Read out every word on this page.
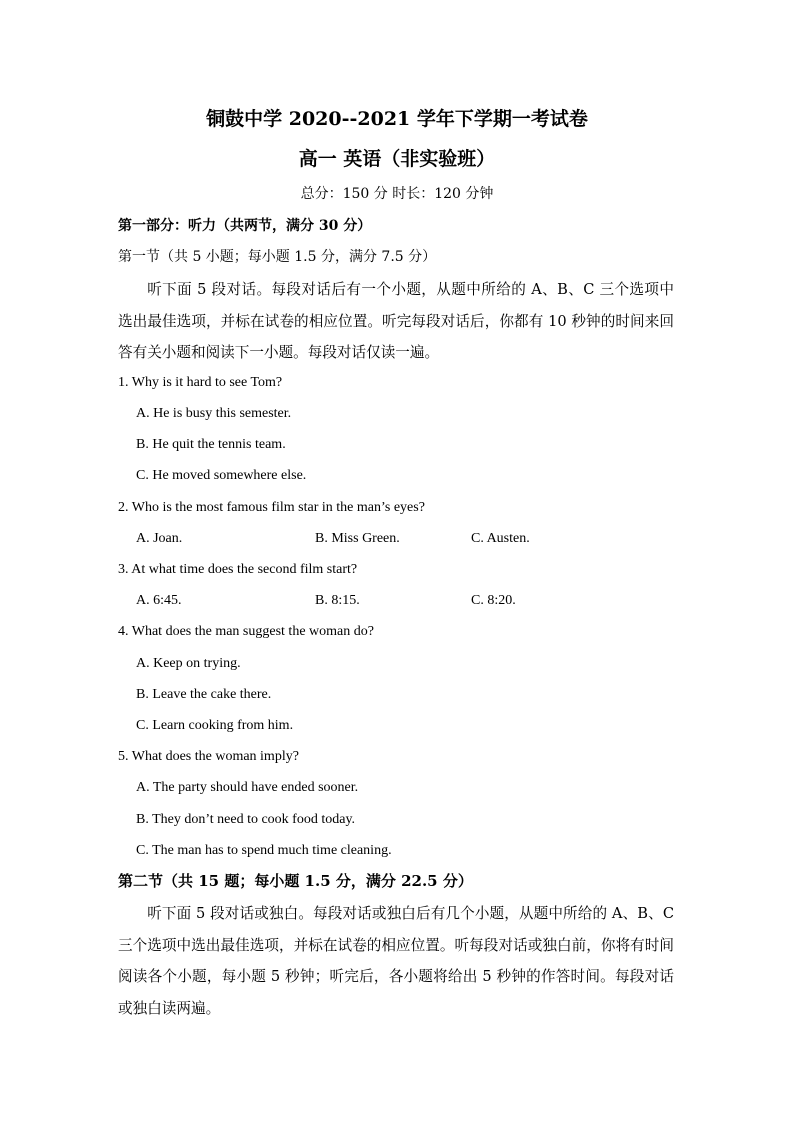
铜鼓中学 2020--2021 学年下学期一考试卷
高一 英语（非实验班）
总分：150 分 时长：120 分钟
第一部分：听力（共两节，满分 30 分）
第一节（共 5 小题；每小题 1.5 分，满分 7.5 分）
听下面 5 段对话。每段对话后有一个小题，从题中所给的 A、B、C 三个选项中选出最佳选项，并标在试卷的相应位置。听完每段对话后，你都有 10 秒钟的时间来回答有关小题和阅读下一小题。每段对话仅读一遍。
1. Why is it hard to see Tom?
A. He is busy this semester.
B. He quit the tennis team.
C. He moved somewhere else.
2. Who is the most famous film star in the man’s eyes?
A. Joan.	B. Miss Green.	C. Austen.
3. At what time does the second film start?
A. 6:45.	B. 8:15.	C. 8:20.
4. What does the man suggest the woman do?
A. Keep on trying.
B. Leave the cake there.
C. Learn cooking from him.
5. What does the woman imply?
A. The party should have ended sooner.
B. They don’t need to cook food today.
C. The man has to spend much time cleaning.
第二节（共 15 题；每小题 1.5 分，满分 22.5 分）
听下面 5 段对话或独白。每段对话或独白后有几个小题，从题中所给的 A、B、C 三个选项中选出最佳选项，并标在试卷的相应位置。听每段对话或独白前，你将有时间阅读各个小题，每小题 5 秒钟；听完后，各小题将给出 5 秒钟的作答时间。每段对话或独白读两遍。
